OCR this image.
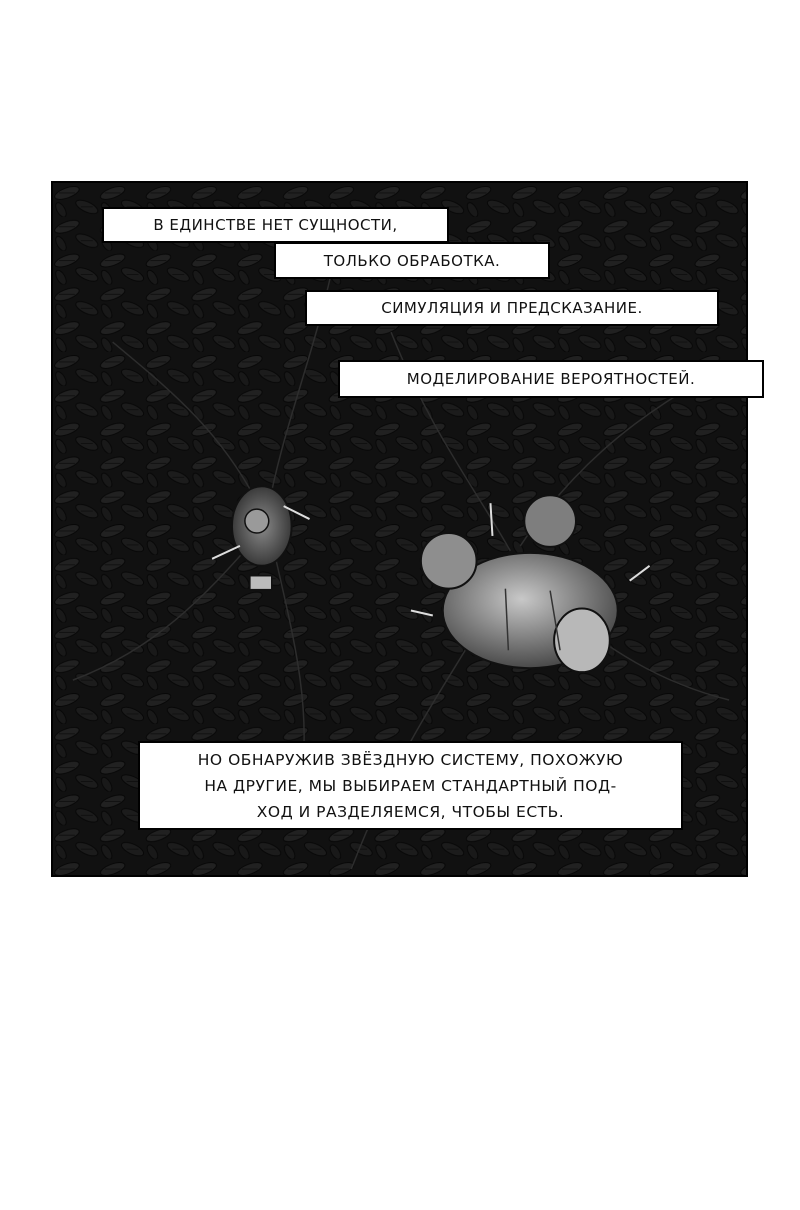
В ЕДИНСТВЕ НЕТ СУЩНОСТИ,
ТОЛЬКО ОБРАБОТКА.
СИМУЛЯЦИЯ И ПРЕДСКАЗАНИЕ.
МОДЕЛИРОВАНИЕ ВЕРОЯТНОСТЕЙ.
НО ОБНАРУЖИВ ЗВЁЗДНУЮ СИСТЕМУ, ПОХОЖУЮ
НА ДРУГИЕ, МЫ ВЫБИРАЕМ СТАНДАРТНЫЙ ПОД-
ХОД И РАЗДЕЛЯЕМСЯ, ЧТОБЫ ЕСТЬ.
